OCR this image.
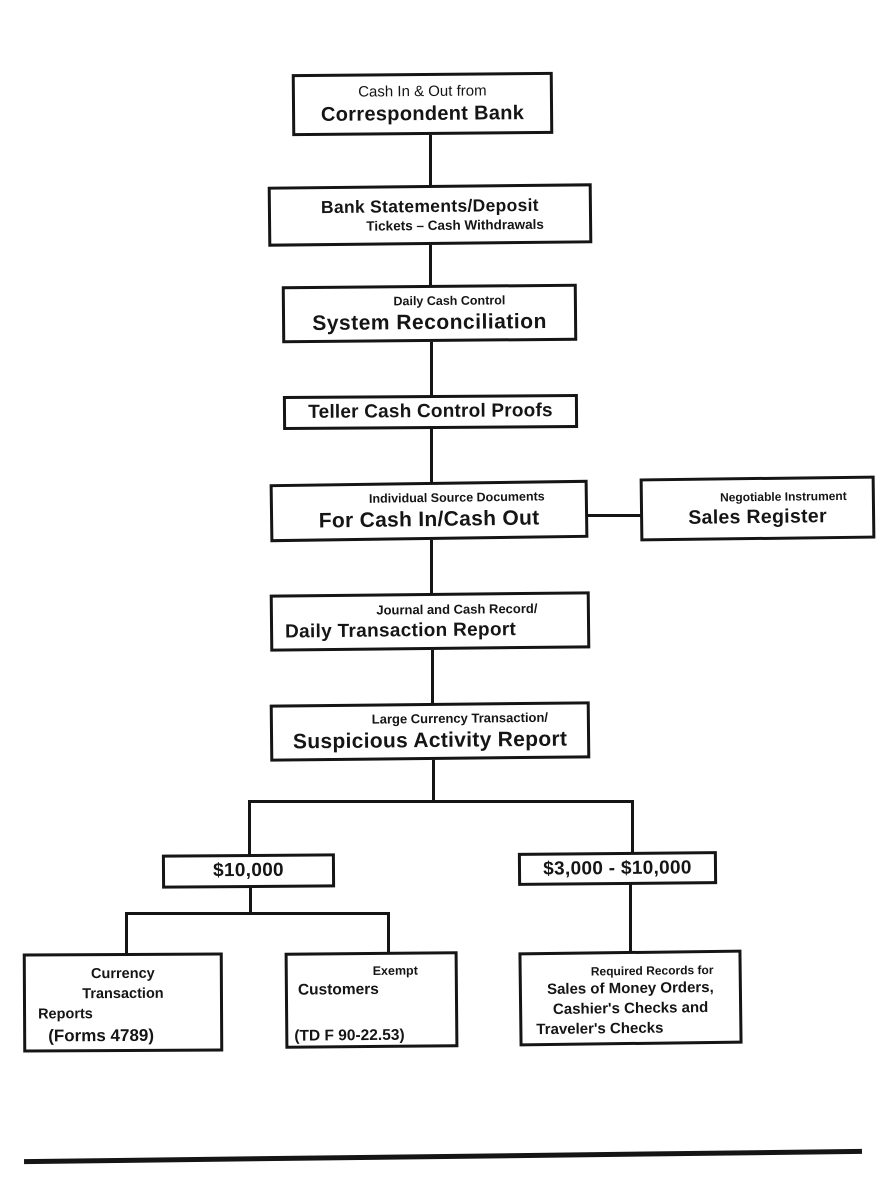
Cash In & Out from
Correspondent Bank
Bank Statements/Deposit
Tickets – Cash Withdrawals
Daily Cash Control
System Reconciliation
Teller Cash Control Proofs
Individual Source Documents
For Cash In/Cash Out
Negotiable Instrument
Sales Register
Journal and Cash Record/
Daily Transaction Report
Large Currency Transaction/
Suspicious Activity Report
$10,000	$3,000 - $10,000
Currency
Transaction
Reports
(Forms 4789)
Exempt
Customers
(TD F 90-22.53)
Required Records for
Sales of Money Orders,
Cashier's Checks and
Traveler's Checks
